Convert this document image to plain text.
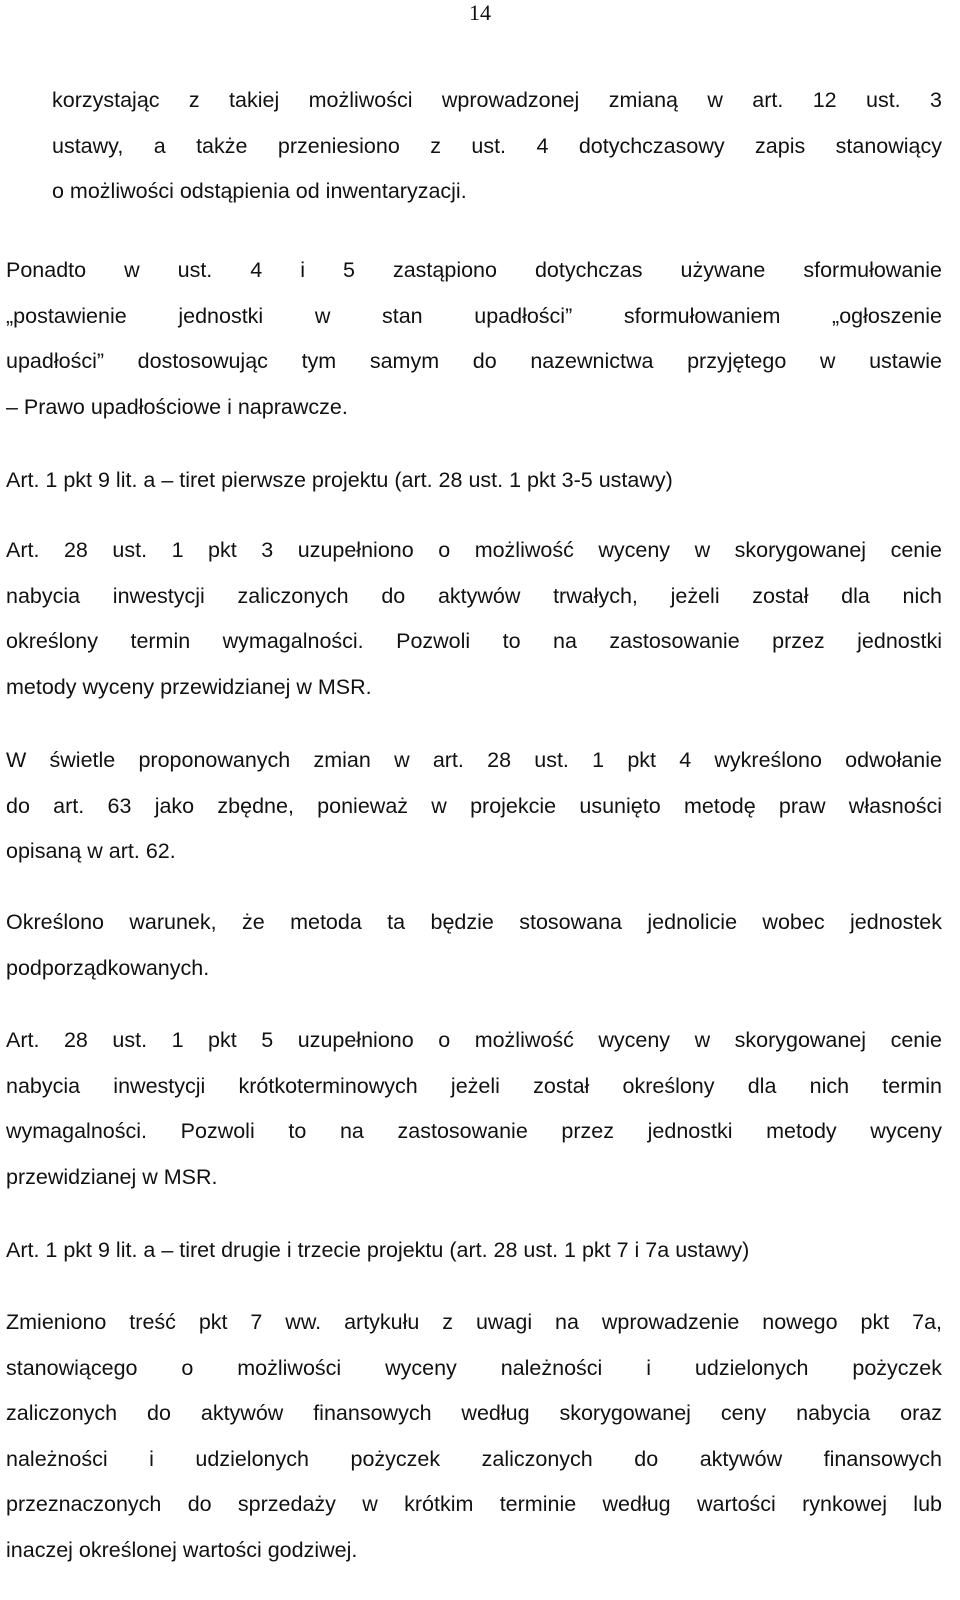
14
korzystając z takiej możliwości wprowadzonej zmianą w art. 12 ust. 3
ustawy, a także przeniesiono z ust. 4 dotychczasowy zapis stanowiący
o możliwości odstąpienia od inwentaryzacji.
Ponadto w ust. 4 i 5 zastąpiono dotychczas używane sformułowanie
„postawienie jednostki w stan upadłości” sformułowaniem „ogłoszenie
upadłości” dostosowując tym samym do nazewnictwa przyjętego w ustawie
– Prawo upadłościowe i naprawcze.
Art. 1 pkt 9 lit. a – tiret pierwsze projektu (art. 28 ust. 1 pkt 3-5 ustawy)
Art. 28 ust. 1 pkt 3 uzupełniono o możliwość wyceny w skorygowanej cenie
nabycia inwestycji zaliczonych do aktywów trwałych, jeżeli został dla nich
określony termin wymagalności. Pozwoli to na zastosowanie przez jednostki
metody wyceny przewidzianej w MSR.
W świetle proponowanych zmian w art. 28 ust. 1 pkt 4 wykreślono odwołanie
do art. 63 jako zbędne, ponieważ w projekcie usunięto metodę praw własności
opisaną w art. 62.
Określono warunek, że metoda ta będzie stosowana jednolicie wobec jednostek
podporządkowanych.
Art. 28 ust. 1 pkt 5 uzupełniono o możliwość wyceny w skorygowanej cenie
nabycia inwestycji krótkoterminowych jeżeli został określony dla nich termin
wymagalności. Pozwoli to na zastosowanie przez jednostki metody wyceny
przewidzianej w MSR.
Art. 1 pkt 9 lit. a – tiret drugie i trzecie projektu (art. 28 ust. 1 pkt 7 i 7a ustawy)
Zmieniono treść pkt 7 ww. artykułu z uwagi na wprowadzenie nowego pkt 7a,
stanowiącego o możliwości wyceny należności i udzielonych pożyczek
zaliczonych do aktywów finansowych według skorygowanej ceny nabycia oraz
należności i udzielonych pożyczek zaliczonych do aktywów finansowych
przeznaczonych do sprzedaży w krótkim terminie według wartości rynkowej lub
inaczej określonej wartości godziwej.
